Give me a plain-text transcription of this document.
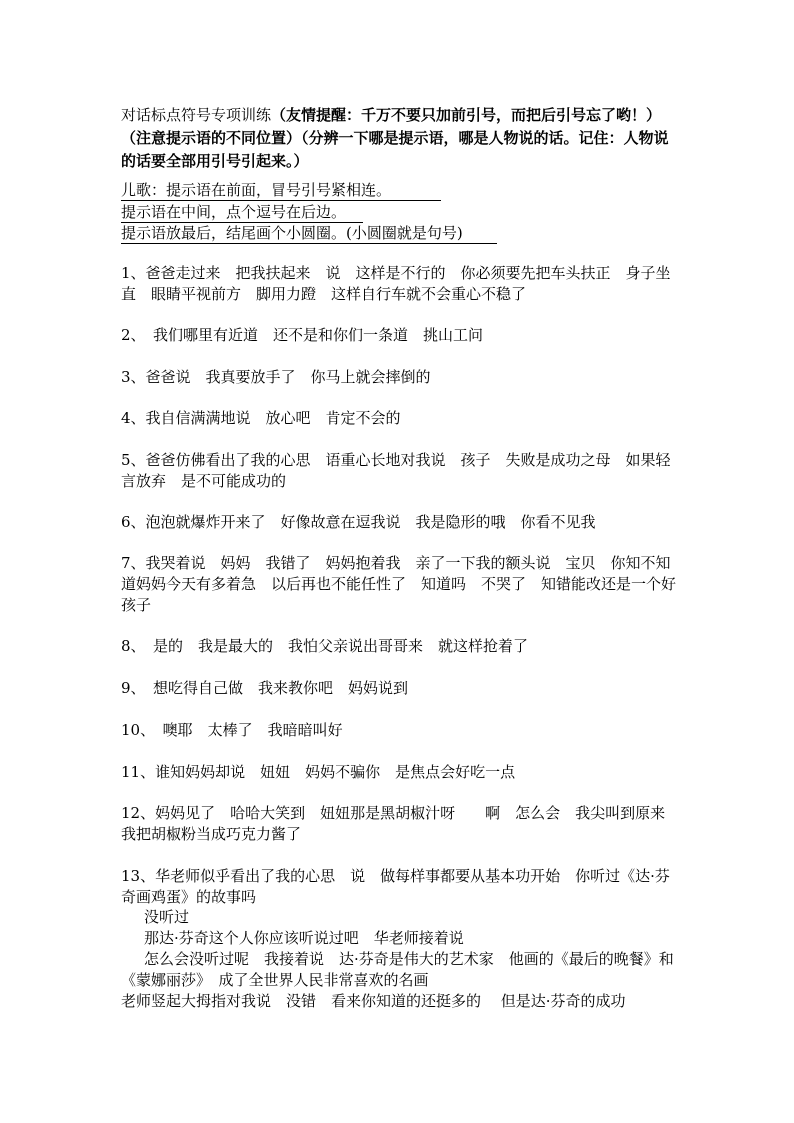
对话标点符号专项训练（友情提醒：千万不要只加前引号，而把后引号忘了哟！）（注意提示语的不同位置）（分辨一下哪是提示语，哪是人物说的话。记住：人物说的话要全部用引号引起来。）
儿歌：提示语在前面，冒号引号紧相连。
提示语在中间，点个逗号在后边。
提示语放最后，结尾画个小圆圈。(小圆圈就是句号)
1、爸爸走过来　把我扶起来　说　这样是不行的　你必须要先把车头扶正　身子坐直　眼睛平视前方　脚用力蹬　这样自行车就不会重心不稳了
2、　我们哪里有近道　还不是和你们一条道　挑山工问
3、爸爸说　我真要放手了　你马上就会摔倒的
4、我自信满满地说　放心吧　肯定不会的
5、爸爸仿佛看出了我的心思　语重心长地对我说　孩子　失败是成功之母　如果轻言放弃　是不可能成功的
6、泡泡就爆炸开来了　好像故意在逗我说　我是隐形的哦　你看不见我
7、我哭着说　妈妈　我错了　妈妈抱着我　亲了一下我的额头说　宝贝　你知不知道妈妈今天有多着急　以后再也不能任性了　知道吗　不哭了　知错能改还是一个好孩子
8、　是的　我是最大的　我怕父亲说出哥哥来　就这样抢着了
9、　想吃得自己做　我来教你吧　妈妈说到
10、　噢耶　太棒了　我暗暗叫好
11、谁知妈妈却说　妞妞　妈妈不骗你　是焦点会好吃一点
12、妈妈见了　哈哈大笑到　妞妞那是黑胡椒汁呀　　啊　怎么会　我尖叫到原来　我把胡椒粉当成巧克力酱了
13、华老师似乎看出了我的心思　说　做每样事都要从基本功开始　你听过《达·芬奇画鸡蛋》的故事吗
没听过
那达·芬奇这个人你应该听说过吧　华老师接着说
怎么会没听过呢　我接着说　达·芬奇是伟大的艺术家　他画的《最后的晚餐》和《蒙娜丽莎》　成了全世界人民非常喜欢的名画
老师竖起大拇指对我说　没错　看来你知道的还挺多的　 但是达·芬奇的成功
